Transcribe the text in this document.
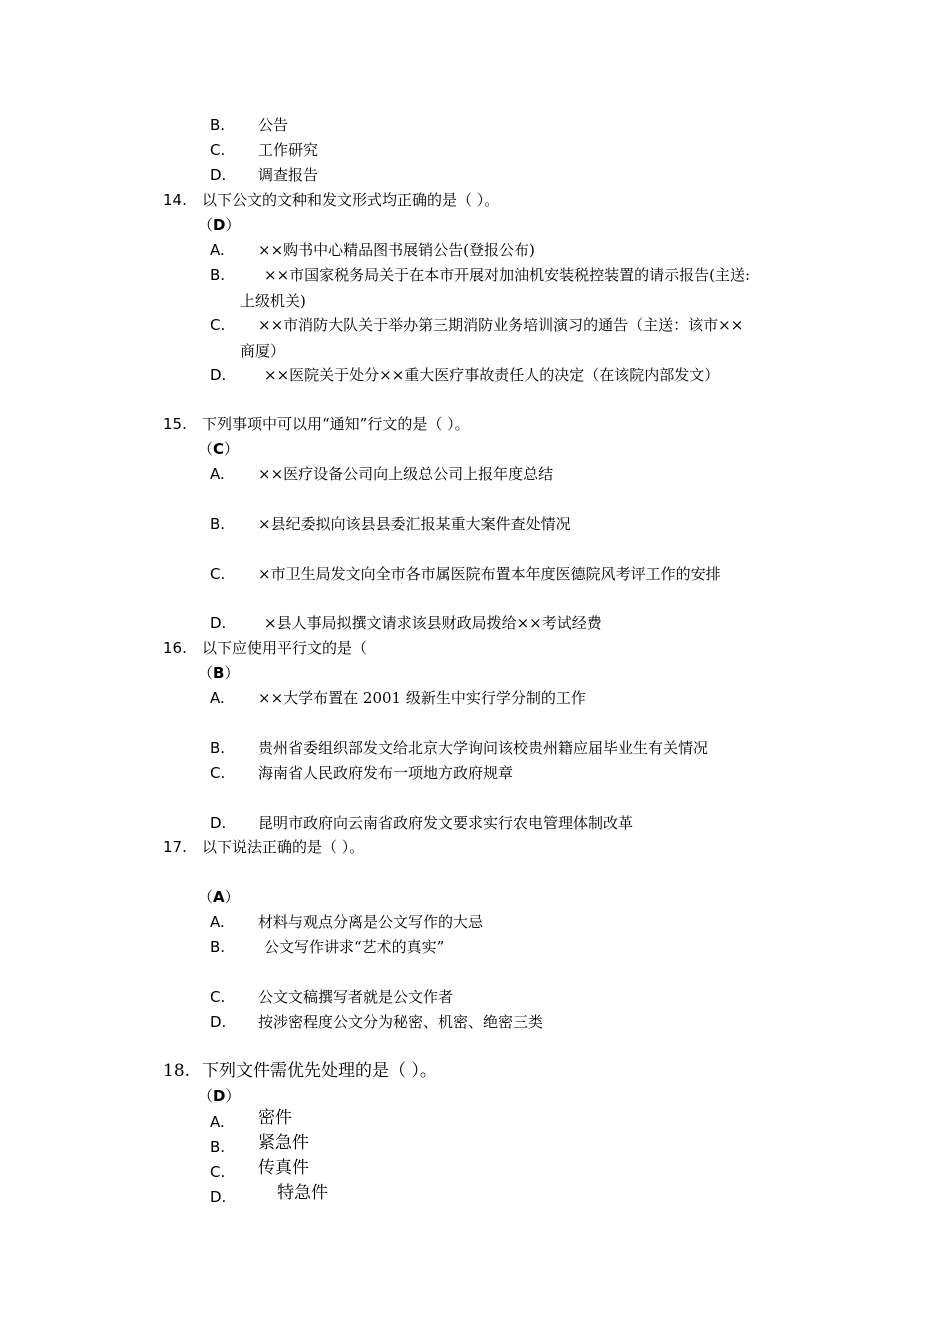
B. 公告
C. 工作研究
D. 调查报告
14. 以下公文的文种和发文形式均正确的是（ ）。
（D）
A. ××购书中心精品图书展销公告(登报公布)
B.	××市国家税务局关于在本市开展对加油机安装税控装置的请示报告(主送:
上级机关)
C. ××市消防大队关于举办第三期消防业务培训演习的通告（主送：该市××
商厦）
D.	××医院关于处分××重大医疗事故责任人的决定（在该院内部发文）
15. 下列事项中可以用“通知”行文的是（ ）。
（C）
A. ××医疗设备公司向上级总公司上报年度总结
B. ×县纪委拟向该县县委汇报某重大案件查处情况
C. ×市卫生局发文向全市各市属医院布置本年度医德院风考评工作的安排
D.	×县人事局拟撰文请求该县财政局拨给××考试经费
16. 以下应使用平行文的是（
（B）
A. ××大学布置在 2001 级新生中实行学分制的工作
B. 贵州省委组织部发文给北京大学询问该校贵州籍应届毕业生有关情况
C. 海南省人民政府发布一项地方政府规章
D. 昆明市政府向云南省政府发文要求实行农电管理体制改革
17. 以下说法正确的是（ ）。
（A）
A. 材料与观点分离是公文写作的大忌
B.	公文写作讲求“艺术的真实”
C. 公文文稿撰写者就是公文作者
D. 按涉密程度公文分为秘密、机密、绝密三类
18. 下列文件需优先处理的是（ ）。
（D）
A. 密件
B. 紧急件
C. 传真件
D.	特急件
